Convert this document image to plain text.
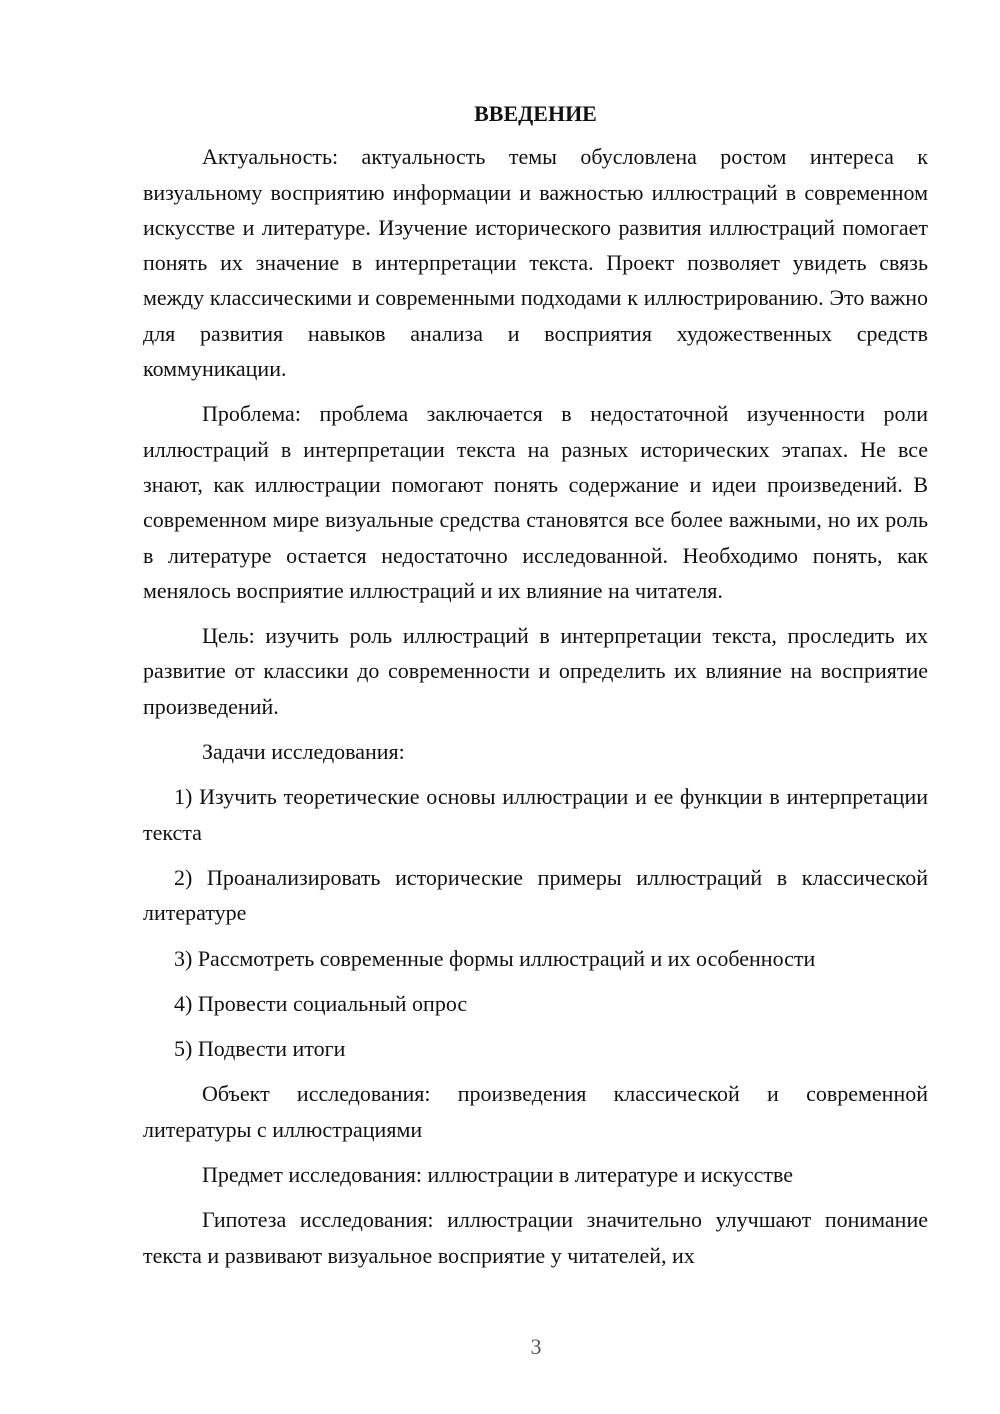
ВВЕДЕНИЕ

Актуальность: актуальность темы обусловлена ростом интереса к визуальному восприятию информации и важностью иллюстраций в современном искусстве и литературе. Изучение исторического развития иллюстраций помогает понять их значение в интерпретации текста. Проект позволяет увидеть связь между классическими и современными подходами к иллюстрированию. Это важно для развития навыков анализа и восприятия художественных средств коммуникации.

Проблема: проблема заключается в недостаточной изученности роли иллюстраций в интерпретации текста на разных исторических этапах. Не все знают, как иллюстрации помогают понять содержание и идеи произведений. В современном мире визуальные средства становятся все более важными, но их роль в литературе остается недостаточно исследованной. Необходимо понять, как менялось восприятие иллюстраций и их влияние на читателя.

Цель: изучить роль иллюстраций в интерпретации текста, проследить их развитие от классики до современности и определить их влияние на восприятие произведений.

Задачи исследования:

1) Изучить теоретические основы иллюстрации и ее функции в интерпретации текста

2) Проанализировать исторические примеры иллюстраций в классической литературе

3) Рассмотреть современные формы иллюстраций и их особенности

4) Провести социальный опрос

5) Подвести итоги

Объект исследования: произведения классической и современной литературы с иллюстрациями

Предмет исследования: иллюстрации в литературе и искусстве

Гипотеза исследования: иллюстрации значительно улучшают понимание текста и развивают визуальное восприятие у читателей, их

3
